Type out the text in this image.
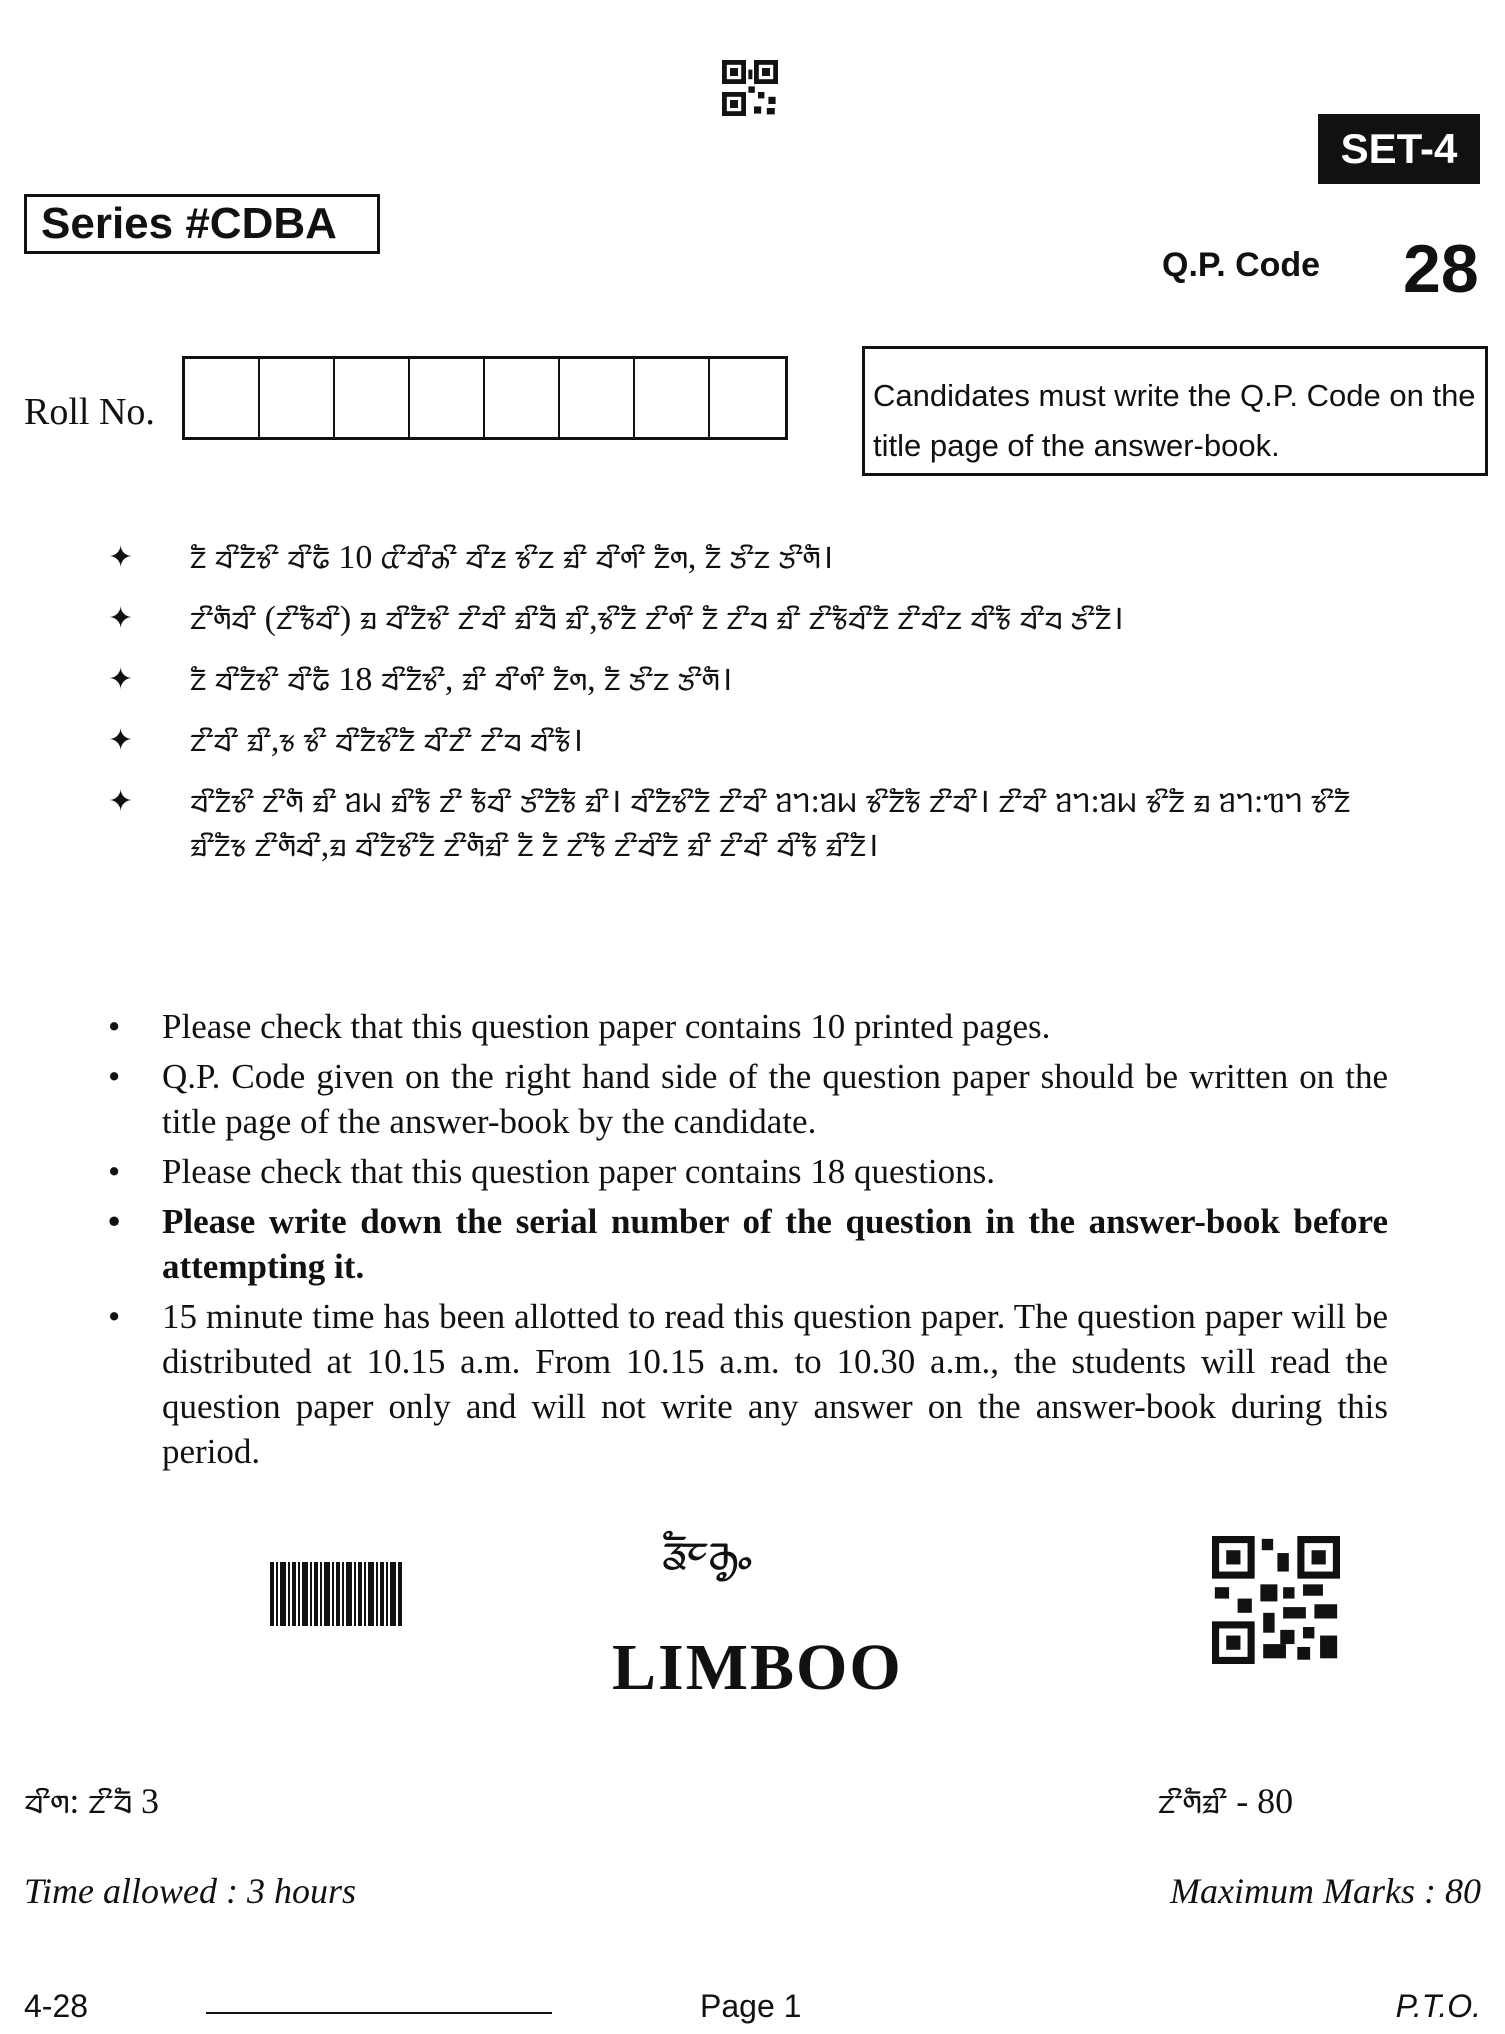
SET-4
Series #CDBA
Q.P. Code 28
Roll No.	Candidates must write the Q.P. Code on the title page of the answer-book.
✦ ᤁᤠ ᤔᤡᤁᤠᤃᤡ ᤔᤡᤒᤠ 10 ᤂᤡᤔᤡᤌᤡ ᤔᤡᤏ ᤃᤡᤁ ᤀᤡ ᤔᤡᤛᤡ ᤁᤠᤛ, ᤁᤠ ᤍᤡᤁ ᤍᤡᤛᤠ।
✦ ᤁᤡᤛᤠᤔᤡ (ᤁᤡᤃᤠᤔᤡ) ᤀ ᤔᤡᤁᤠᤃᤡ ᤁᤡᤔᤡ ᤀᤡᤔᤠ ᤀᤡ,ᤃᤡᤁᤠ ᤁᤡᤛᤡ ᤁᤠ ᤁᤡᤔ ᤀᤡ ᤁᤡᤃᤠᤔᤡᤁᤠ ᤁᤡᤔᤡᤁ ᤔᤡᤃᤠ ᤔᤡᤔ ᤍᤡᤁᤠ।
✦ ᤁᤠ ᤔᤡᤁᤠᤃᤡ ᤔᤡᤒᤠ 18 ᤔᤡᤁᤠᤃᤡ, ᤀᤡ ᤔᤡᤛᤡ ᤁᤠᤛ, ᤁᤠ ᤍᤡᤁ ᤍᤡᤛᤠ।
✦ ᤁᤡᤔᤡ ᤀᤡ,ᤃ ᤃᤡ ᤔᤡᤁᤠᤃᤡᤁᤠ ᤔᤡᤁᤡ ᤁᤡᤔ ᤔᤡᤃᤠ।
✦ ᤔᤡᤁᤠᤃᤡ ᤁᤡᤛᤠ ᤀᤡ ᥑᥕ ᤀᤡᤃᤠ ᤁᤡ ᤃᤠᤔᤡ ᤍᤡᤁᤠᤃᤠ ᤀᤡ। ᤔᤡᤁᤠᤃᤡᤁᤠ ᤁᤡᤔᤡ ᥑᥐ:ᥑᥕ ᤃᤡᤁᤠᤃᤠ ᤁᤡᤔᤡ। ᤁᤡᤔᤡ ᥑᥐ:ᥑᥕ ᤃᤡᤁᤠ ᤀ ᥑᥐ:ᥓᥐ ᤃᤡᤁᤠ ᤀᤡᤁᤠᤃ ᤁᤡᤛᤠᤔᤡ,ᤀ ᤔᤡᤁᤠᤃᤡᤁᤠ ᤁᤡᤛᤠᤀᤡ ᤁᤠ ᤁᤠ ᤁᤡᤃᤠ ᤁᤡᤔᤡᤁᤠ ᤀᤡ ᤁᤡᤔᤡ ᤔᤡᤃᤠ ᤀᤡᤁᤠ।
• Please check that this question paper contains 10 printed pages.
• Q.P. Code given on the right hand side of the question paper should be written on the title page of the answer-book by the candidate.
• Please check that this question paper contains 18 questions.
• Please write down the serial number of the question in the answer-book before attempting it.
• 15 minute time has been allotted to read this question paper. The question paper will be distributed at 10.15 a.m. From 10.15 a.m. to 10.30 a.m., the students will read the question paper only and will not write any answer on the answer-book during this period.
ᤕᤠᤰᤌᤢᤱ
LIMBOO
ᤔᤡᤛ: ᤁᤡᤔᤠ 3	ᤁᤡᤛᤠᤀᤡ - 80
Time allowed : 3 hours	Maximum Marks : 80
4-28	Page 1	P.T.O.
